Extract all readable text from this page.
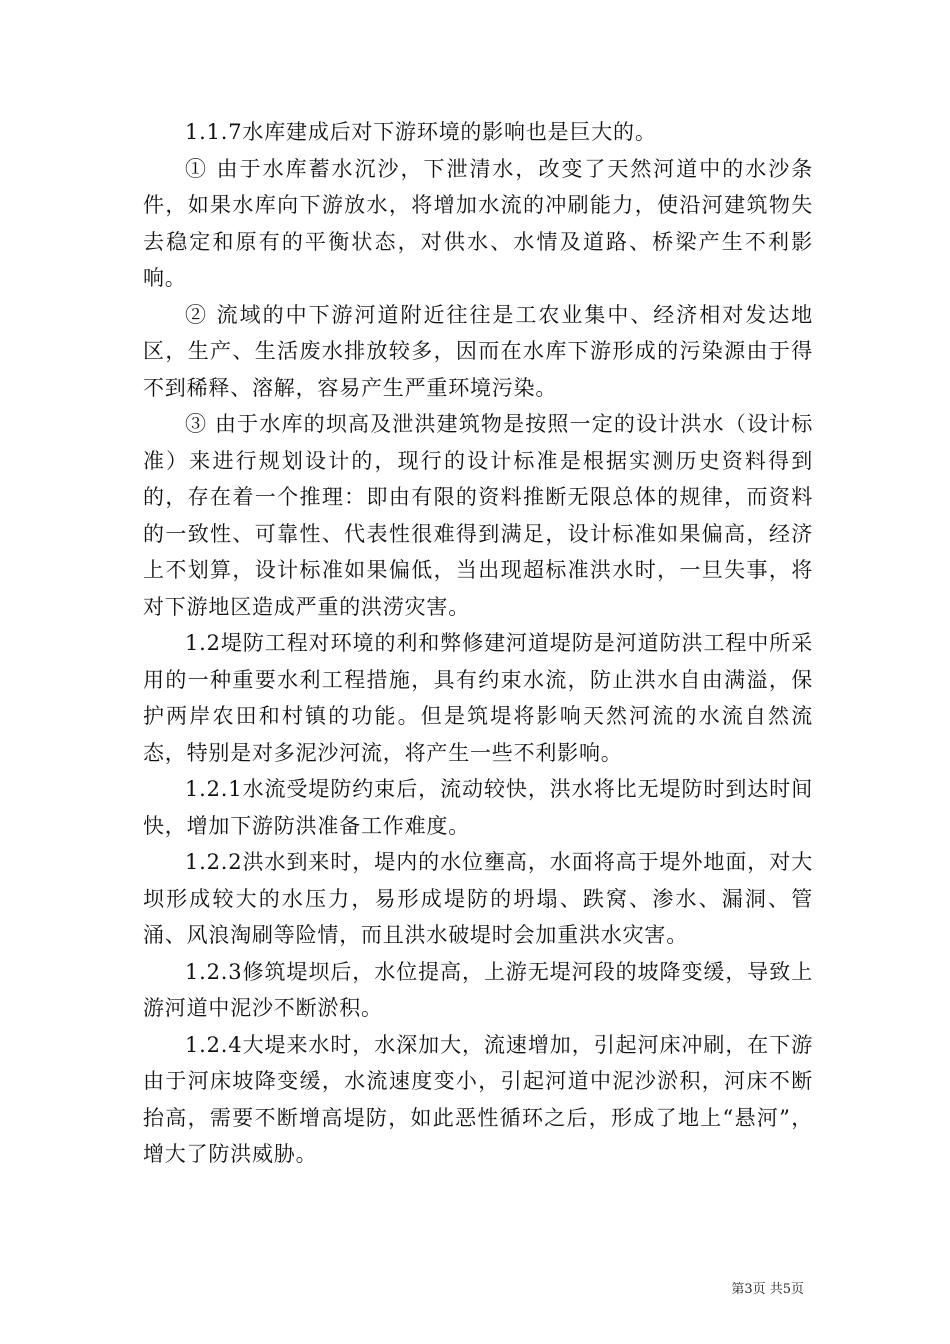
1.1.7水库建成后对下游环境的影响也是巨大的。

① 由于水库蓄水沉沙，下泄清水，改变了天然河道中的水沙条件，如果水库向下游放水，将增加水流的冲刷能力，使沿河建筑物失去稳定和原有的平衡状态，对供水、水情及道路、桥梁产生不利影响。

② 流域的中下游河道附近往往是工农业集中、经济相对发达地区，生产、生活废水排放较多，因而在水库下游形成的污染源由于得不到稀释、溶解，容易产生严重环境污染。

③ 由于水库的坝高及泄洪建筑物是按照一定的设计洪水（设计标准）来进行规划设计的，现行的设计标准是根据实测历史资料得到的，存在着一个推理：即由有限的资料推断无限总体的规律，而资料的一致性、可靠性、代表性很难得到满足，设计标准如果偏高，经济上不划算，设计标准如果偏低，当出现超标准洪水时，一旦失事，将对下游地区造成严重的洪涝灾害。

1.2堤防工程对环境的利和弊修建河道堤防是河道防洪工程中所采用的一种重要水利工程措施，具有约束水流，防止洪水自由满溢，保护两岸农田和村镇的功能。但是筑堤将影响天然河流的水流自然流态，特别是对多泥沙河流，将产生一些不利影响。

1.2.1水流受堤防约束后，流动较快，洪水将比无堤防时到达时间快，增加下游防洪准备工作难度。

1.2.2洪水到来时，堤内的水位壅高，水面将高于堤外地面，对大坝形成较大的水压力，易形成堤防的坍塌、跌窝、渗水、漏洞、管涌、风浪淘刷等险情，而且洪水破堤时会加重洪水灾害。

1.2.3修筑堤坝后，水位提高，上游无堤河段的坡降变缓，导致上游河道中泥沙不断淤积。

1.2.4大堤来水时，水深加大，流速增加，引起河床冲刷，在下游由于河床坡降变缓，水流速度变小，引起河道中泥沙淤积，河床不断抬高，需要不断增高堤防，如此恶性循环之后，形成了地上“悬河”，增大了防洪威胁。

第3页 共5页
